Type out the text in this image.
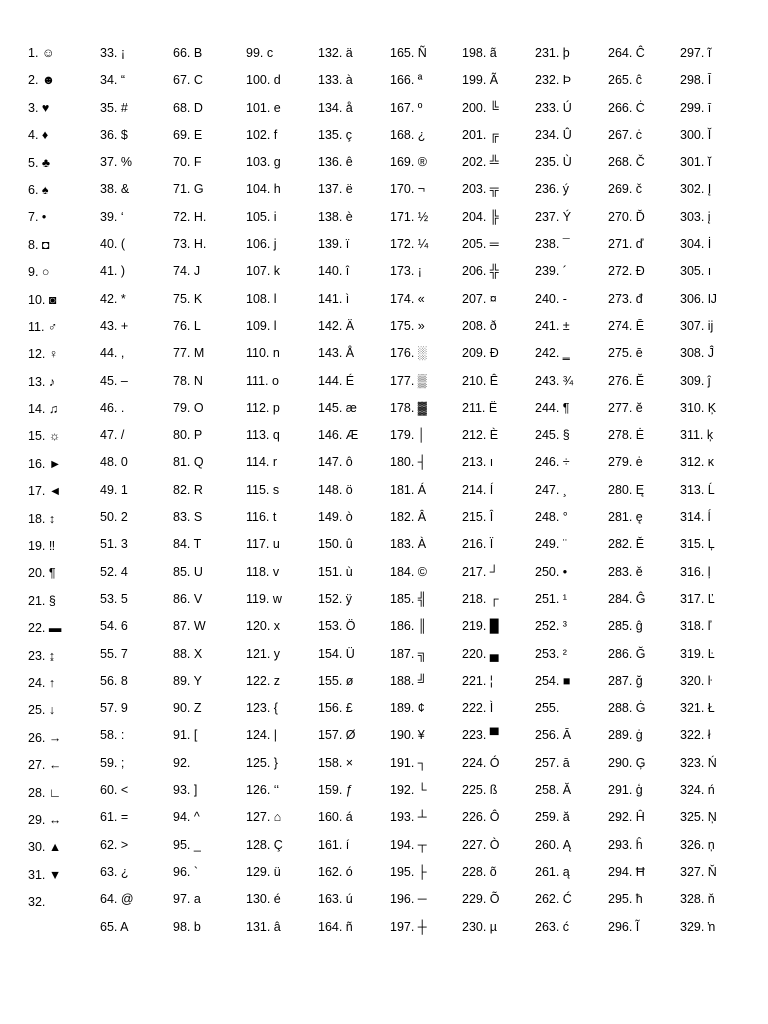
1. ☺
2. ☻
3. ♥
4. ♦
5. ♣
6. ♠
7. •
8. ◘
9. ○
10. ◙
11. ♂
12. ♀
13. ♪
14. ♫
15. ☼
16. ►
17. ◄
18. ↕
19. ‼
20. ¶
21. §
22. ▬
23. ↨
24. ↑
25. ↓
26. →
27. ←
28. ∟
29. ↔
30. ▲
31. ▼
32.
33. ¡
34. “
35. #
36. $
37. %
38. &
39. ‘
40. (
41. )
42. *
43. +
44. ,
45. –
46. .
47. /
48. 0
49. 1
50. 2
51. 3
52. 4
53. 5
54. 6
55. 7
56. 8
57. 9
58. :
59. ;
60. <
61. =
62. >
63. ¿
64. @
65. A
66. B
67. C
68. D
69. E
70. F
71. G
72. H.
73. H.
74. J
75. K
76. L
77. M
78. N
79. O
80. P
81. Q
82. R
83. S
84. T
85. U
86. V
87. W
88. X
89. Y
90. Z
91. [
92.
93. ]
94. ^
95. _
96. `
97. a
98. b
99. c
100. d
101. e
102. f
103. g
104. h
105. i
106. j
107. k
108. l
109. l
110. n
111. o
112. p
113. q
114. r
115. s
116. t
117. u
118. v
119. w
120. x
121. y
122. z
123. {
124. |
125. }
126. ‘‘
127. ⌂
128. Ç
129. ü
130. é
131. â
132. ä
133. à
134. å
135. ç
136. ê
137. ë
138. è
139. ï
140. î
141. ì
142. Ä
143. Å
144. É
145. æ
146. Æ
147. ô
148. ö
149. ò
150. û
151. ù
152. ÿ
153. Ö
154. Ü
155. ø
156. £
157. Ø
158. ×
159. ƒ
160. á
161. í
162. ó
163. ú
164. ñ
165. Ñ
166. ª
167. º
168. ¿
169. ®
170. ¬
171. ½
172. ¼
173. ¡
174. «
175. »
176. ░
177. ▒
178. ▓
179. │
180. ┤
181. Á
182. Â
183. À
184. ©
185. ╣
186. ║
187. ╗
188. ╝
189. ¢
190. ¥
191. ┐
192. └
193. ┴
194. ┬
195. ├
196. ─
197. ┼
198. ã
199. Ã
200. ╚
201. ╔
202. ╩
203. ╦
204. ╠
205. ═
206. ╬
207. ¤
208. ð
209. Ð
210. Ê
211. Ë
212. È
213. ı
214. Í
215. Î
216. Ï
217. ┘
218. ┌
219. █
220. ▄
221. ¦
222. Ì
223. ▀
224. Ó
225. ß
226. Ô
227. Ò
228. õ
229. Õ
230. µ
231. þ
232. Þ
233. Ú
234. Û
235. Ù
236. ý
237. Ý
238. ¯
239. ´
240. -
241. ±
242. ‗
243. ¾
244. ¶
245. §
246. ÷
247. ¸
248. °
249. ¨
250. •
251. ¹
252. ³
253. ²
254. ■
255.
256. Ā
257. ā
258. Ă
259. ă
260. Ą
261. ą
262. Ć
263. ć
264. Ĉ
265. ĉ
266. Ċ
267. ċ
268. Č
269. č
270. Ď
271. ď
272. Đ
273. đ
274. Ē
275. ē
276. Ĕ
277. ĕ
278. Ė
279. ė
280. Ę
281. ę
282. Ě
283. ě
284. Ĝ
285. ĝ
286. Ğ
287. ğ
288. Ġ
289. ġ
290. Ģ
291. ģ
292. Ĥ
293. ĥ
294. Ħ
295. ħ
296. Ĩ
297. ĩ
298. Ī
299. ī
300. Ĭ
301. ĭ
302. Į
303. į
304. İ
305. ı
306. Ĳ
307. ĳ
308. Ĵ
309. ĵ
310. Ķ
311. ķ
312. ĸ
313. Ĺ
314. ĺ
315. Ļ
316. ļ
317. Ľ
318. ľ
319. Ŀ
320. ŀ
321. Ł
322. ł
323. Ń
324. ń
325. Ņ
326. ņ
327. Ň
328. ň
329. ŉ
